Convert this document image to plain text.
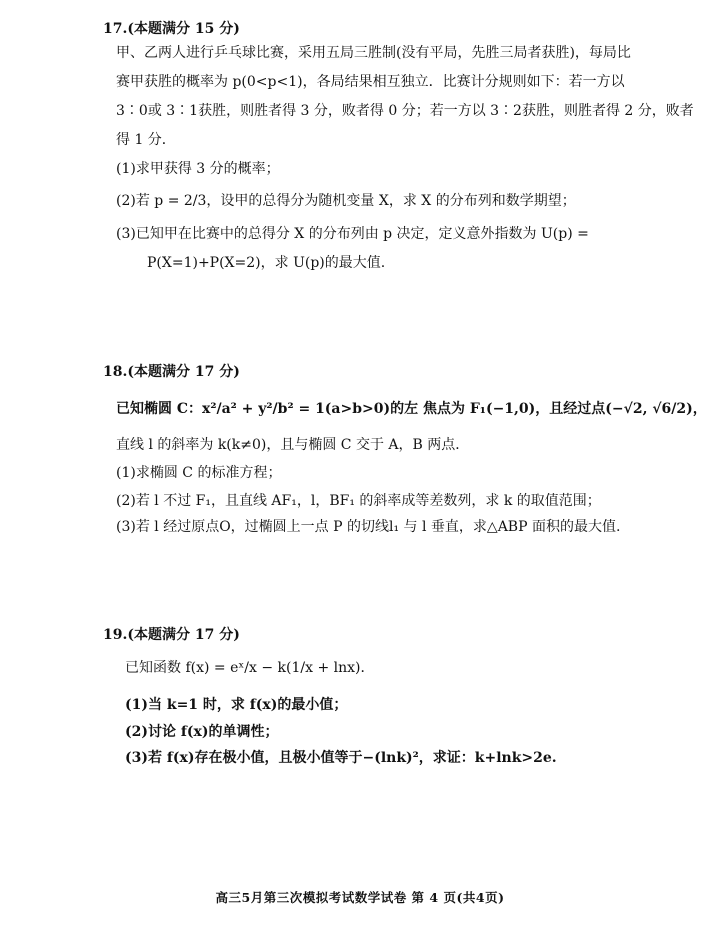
17.(本题满分 15 分)
甲、乙两人进行乒乓球比赛，采用五局三胜制(没有平局，先胜三局者获胜)，每局比
赛甲获胜的概率为 p(0<p<1)，各局结果相互独立．比赛计分规则如下：若一方以
3∶0或 3∶1获胜，则胜者得 3 分，败者得 0 分；若一方以 3∶2获胜，则胜者得 2 分，败者
得 1 分．
(1)求甲获得 3 分的概率；
(2)若 p = 2/3，设甲的总得分为随机变量 X，求 X 的分布列和数学期望；
(3)已知甲在比赛中的总得分 X 的分布列由 p 决定，定义意外指数为 U(p) =
P(X=1)+P(X=2)，求 U(p)的最大值.
18.(本题满分 17 分)
已知椭圆 C：x²/a² + y²/b² = 1(a>b>0)的左 焦点为 F₁(−1,0)，且经过点(−√2, √6/2)，
直线 l 的斜率为 k(k≠0)，且与椭圆 C 交于 A，B 两点．
(1)求椭圆 C 的标准方程；
(2)若 l 不过 F₁，且直线 AF₁，l，BF₁ 的斜率成等差数列，求 k 的取值范围；
(3)若 l 经过原点O，过椭圆上一点 P 的切线l₁ 与 l 垂直，求△ABP 面积的最大值.
19.(本题满分 17 分)
已知函数 f(x) = eˣ/x − k(1/x + lnx)．
(1)当 k=1 时，求 f(x)的最小值；
(2)讨论 f(x)的单调性；
(3)若 f(x)存在极小值，且极小值等于−(lnk)²，求证：k+lnk>2e.
高三5月第三次模拟考试数学试卷 第 4 页(共4页)
